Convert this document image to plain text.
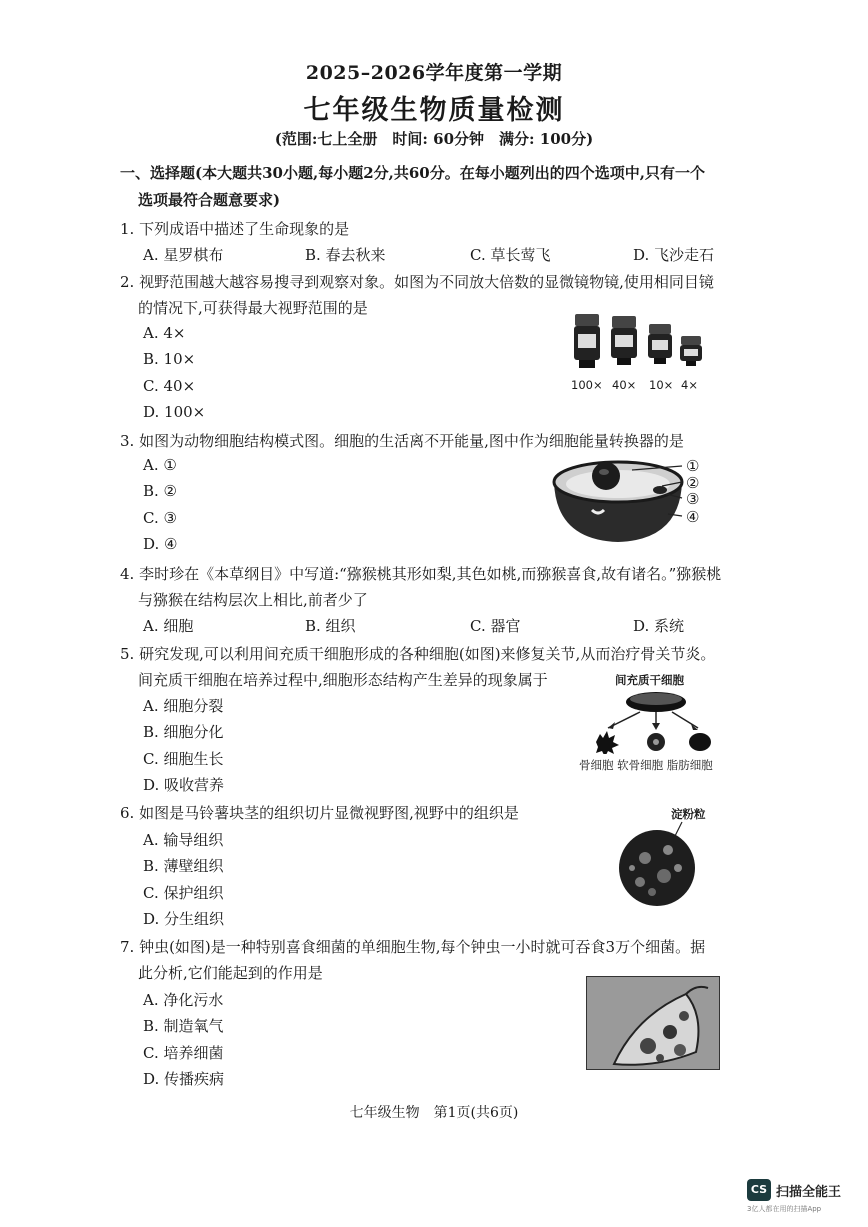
2025–2026学年度第一学期
七年级生物质量检测
(范围:七上全册　时间: 60分钟　满分: 100分)
一、选择题(本大题共30小题,每小题2分,共60分。在每小题列出的四个选项中,只有一个
选项最符合题意要求)
1. 下列成语中描述了生命现象的是
A. 星罗棋布	B. 春去秋来	C. 草长莺飞	D. 飞沙走石
2. 视野范围越大越容易搜寻到观察对象。如图为不同放大倍数的显微镜物镜,使用相同目镜
的情况下,可获得最大视野范围的是
A. 4×
B. 10×
C. 40×
D. 100×
100× 40× 10× 4×
3. 如图为动物细胞结构模式图。细胞的生活离不开能量,图中作为细胞能量转换器的是
A. ①
B. ②
C. ③
D. ④
①
②
③
④
4. 李时珍在《本草纲目》中写道:“猕猴桃其形如梨,其色如桃,而猕猴喜食,故有诸名。”猕猴桃
与猕猴在结构层次上相比,前者少了
A. 细胞	B. 组织	C. 器官	D. 系统
5. 研究发现,可以利用间充质干细胞形成的各种细胞(如图)来修复关节,从而治疗骨关节炎。
间充质干细胞在培养过程中,细胞形态结构产生差异的现象属于
A. 细胞分裂
B. 细胞分化
C. 细胞生长
D. 吸收营养
间充质干细胞
骨细胞 软骨细胞 脂肪细胞
6. 如图是马铃薯块茎的组织切片显微视野图,视野中的组织是
A. 输导组织
B. 薄壁组织
C. 保护组织
D. 分生组织
淀粉粒
7. 钟虫(如图)是一种特别喜食细菌的单细胞生物,每个钟虫一小时就可吞食3万个细菌。据
此分析,它们能起到的作用是
A. 净化污水
B. 制造氧气
C. 培养细菌
D. 传播疾病
七年级生物　第1页(共6页)
CS 扫描全能王
3亿人都在用的扫描App
